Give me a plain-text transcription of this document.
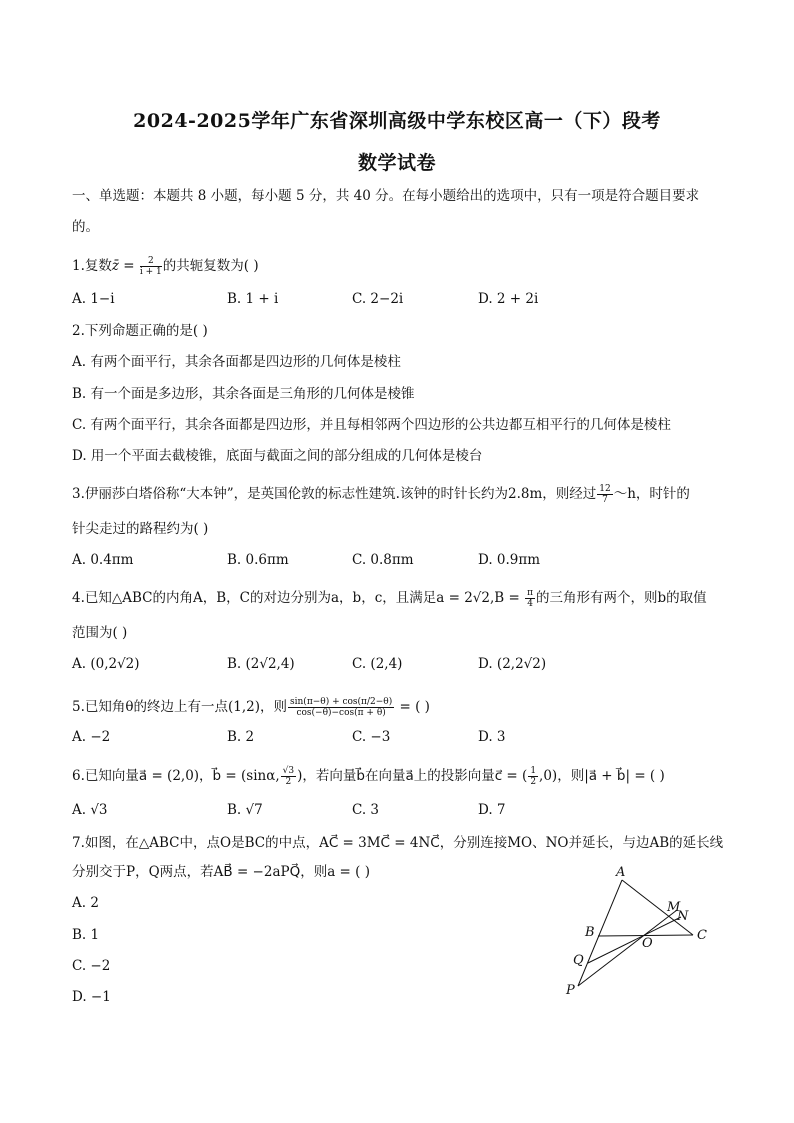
2024-2025学年广东省深圳高级中学东校区高一（下）段考
数学试卷
一、单选题：本题共 8 小题，每小题 5 分，共 40 分。在每小题给出的选项中，只有一项是符合题目要求
的。
1.复数z̄ = $\frac{2}{i + 1}$ 的共轭复数为( )
A. 1−i	B. 1 + i	C. 2−2i	D. 2 + 2i
2.下列命题正确的是( )
A. 有两个面平行，其余各面都是四边形的几何体是棱柱
B. 有一个面是多边形，其余各面是三角形的几何体是棱锥
C. 有两个面平行，其余各面都是四边形，并且每相邻两个四边形的公共边都互相平行的几何体是棱柱
D. 用一个平面去截棱锥，底面与截面之间的部分组成的几何体是棱台
3.伊丽莎白塔俗称“大本钟”，是英国伦敦的标志性建筑.该钟的时针长约为2.8m，则经过 $\frac{12}{7}$ ～h，时针的
针尖走过的路程约为( )
A. 0.4πm	B. 0.6πm	C. 0.8πm	D. 0.9πm
4.已知△ABC的内角A，B，C的对边分别为a，b，c，且满足$a = 2√2,B = \frac{\pi}{4}$ 的三角形有两个，则b的取值
范围为( )
A. (0,2√2)	B. (2√2,4)	C. (2,4)	D. (2,2√2)
5.已知角θ的终边上有一点(1,2)，则 $\frac{\sin(\pi-\theta) + \cos(\pi/2-\theta)}{\cos(-\theta)-\cos(\pi + \theta)}$ = ( )
A. −2	B. 2	C. −3	D. 3
6.已知向量a⃗ = (2,0)，b⃗ = (sinα, $\frac{√3}{2}$ )，若向量b⃗在向量a⃗上的投影向量c⃗ = ( $\frac{1}{2} ,0$)，则|a⃗ + b⃗| = ( )
A. √3	B. √7	C. 3	D. 7
7.如图，在△ABC中，点O是BC的中点，AC⃗ = 3MC⃗ = 4NC⃗，分别连接MO、NO并延长，与边AB的延长线
分别交于P，Q两点，若AB⃗ = −2aPQ⃗，则a = ( )
A. 2
B. 1
C. −2
D. −1
A
M
N
B
O
C
Q
P
